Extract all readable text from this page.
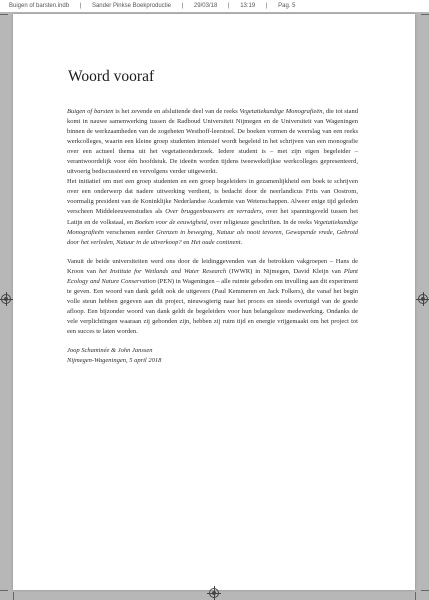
Buigen of barsten.indb | Sander Pinkse Boekproductie | 29/03/18 | 13:19 | Pag. 5
Woord vooraf

Buigen of barsten is het zevende en afsluitende deel van de reeks Vegetatiekundige Monografieën, die tot stand komt in nauwe samenwerking tussen de Radboud Universiteit Nijmegen en de Universiteit van Wageningen binnen de werkzaamheden van de zogeheten Westhoff-leerstoel. De boeken vormen de weerslag van een reeks werkcolleges, waarin een kleine groep studenten intensief wordt begeleid in het schrijven van een monografie over een actueel thema uit het vegetatieonderzoek. Iedere student is – met zijn eigen begeleider – verantwoordelijk voor één hoofdstuk. De ideeën worden tijdens tweewekelijkse werkcolleges gepresenteerd, uitvoerig bediscussieerd en vervolgens verder uitgewerkt.

Het initiatief om met een groep studenten en een groep begeleiders in gezamenlijkheid een boek te schrijven over een onderwerp dat nadere uitwerking verdient, is bedacht door de neerlandicus Frits van Oostrom, voormalig president van de Koninklijke Nederlandse Academie van Wetenschappen. Alweer enige tijd geleden verscheen Middeleeuwenstudies als Over bruggenbouwers en verraders, over het spanningsveld tussen het Latijn en de volkstaal, en Boeken voor de eeuwigheid, over religieuze geschriften. In de reeks Vegetatiekundige Monografieën verschenen eerder Grenzen in beweging, Natuur als nooit tevoren, Gewapende vrede, Gebroid door het verleden, Natuur in de uitverkoop? en Het oude continent.

Vanuit de beide universiteiten werd ons door de leidinggevenden van de betrokken vakgroepen – Hans de Kroon van het Institute for Wetlands and Water Research (IWWR) in Nijmegen, David Kleijn van Plant Ecology and Nature Conservation (PEN) in Wageningen – alle ruimte geboden om invulling aan dit experiment te geven. Een woord van dank geldt ook de uitgevers (Paul Kemmeren en Jack Folkers), die vanaf het begin volle steun hebben gegeven aan dit project, nieuwsgierig naar het proces en steeds overtuigd van de goede afloop. Een bijzonder woord van dank geldt de begeleiders voor hun belangeloze medewerking. Ondanks de vele verplichtingen waaraan zij gebonden zijn, hebben zij ruim tijd en energie vrijgemaakt om het project tot een succes te laten worden.

Joop Schaminée & John Janssen
Nijmegen-Wageningen, 5 april 2018
